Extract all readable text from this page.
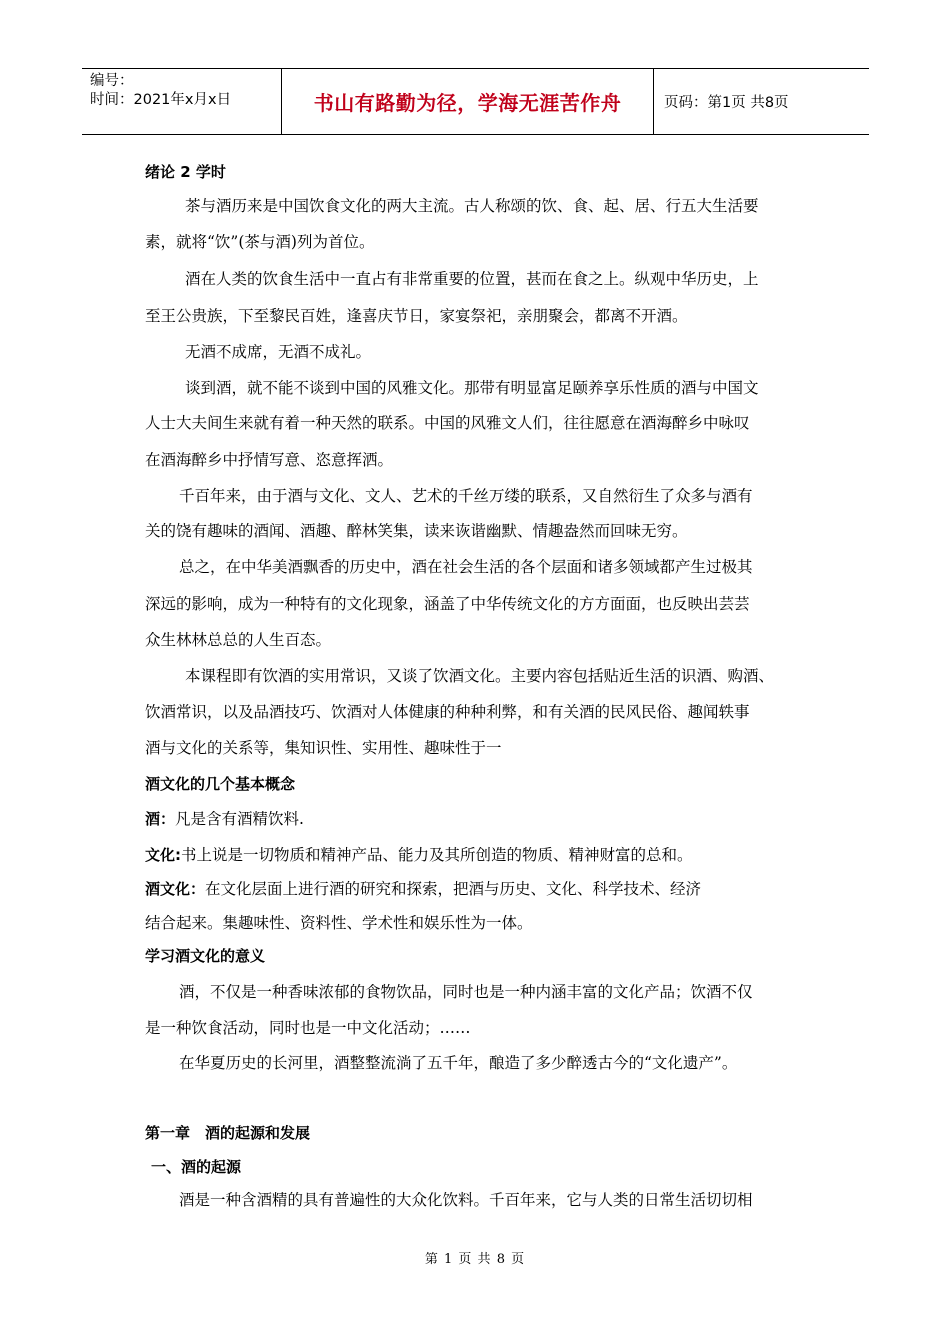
编号：
时间：2021年x月x日	书山有路勤为径，学海无涯苦作舟	页码：第1页 共8页
绪论 2 学时
茶与酒历来是中国饮食文化的两大主流。古人称颂的饮、食、起、居、行五大生活要
素，就将“饮”(茶与酒)列为首位。
酒在人类的饮食生活中一直占有非常重要的位置，甚而在食之上。纵观中华历史，上
至王公贵族，下至黎民百姓，逢喜庆节日，家宴祭祀，亲朋聚会，都离不开酒。
无酒不成席，无酒不成礼。
谈到酒，就不能不谈到中国的风雅文化。那带有明显富足颐养享乐性质的酒与中国文
人士大夫间生来就有着一种天然的联系。中国的风雅文人们，往往愿意在酒海醉乡中咏叹
在酒海醉乡中抒情写意、恣意挥洒。
千百年来，由于酒与文化、文人、艺术的千丝万缕的联系，又自然衍生了众多与酒有
关的饶有趣味的酒闻、酒趣、醉林笑集，读来诙谐幽默、情趣盎然而回味无穷。
总之，在中华美酒飘香的历史中，酒在社会生活的各个层面和诸多领域都产生过极其
深远的影响，成为一种特有的文化现象，涵盖了中华传统文化的方方面面，也反映出芸芸
众生林林总总的人生百态。
本课程即有饮酒的实用常识，又谈了饮酒文化。主要内容包括贴近生活的识酒、购酒、
饮酒常识，以及品酒技巧、饮酒对人体健康的种种利弊，和有关酒的民风民俗、趣闻轶事
酒与文化的关系等，集知识性、实用性、趣味性于一
酒文化的几个基本概念
酒：凡是含有酒精饮料.
文化:书上说是一切物质和精神产品、能力及其所创造的物质、精神财富的总和。
酒文化：在文化层面上进行酒的研究和探索，把酒与历史、文化、科学技术、经济
结合起来。集趣味性、资料性、学术性和娱乐性为一体。
学习酒文化的意义
酒，不仅是一种香味浓郁的食物饮品，同时也是一种内涵丰富的文化产品；饮酒不仅
是一种饮食活动，同时也是一中文化活动；……
在华夏历史的长河里，酒整整流淌了五千年，酿造了多少醉透古今的“文化遗产”。
第一章　酒的起源和发展
一、酒的起源
酒是一种含酒精的具有普遍性的大众化饮料。千百年来，它与人类的日常生活切切相
第 1 页 共 8 页
